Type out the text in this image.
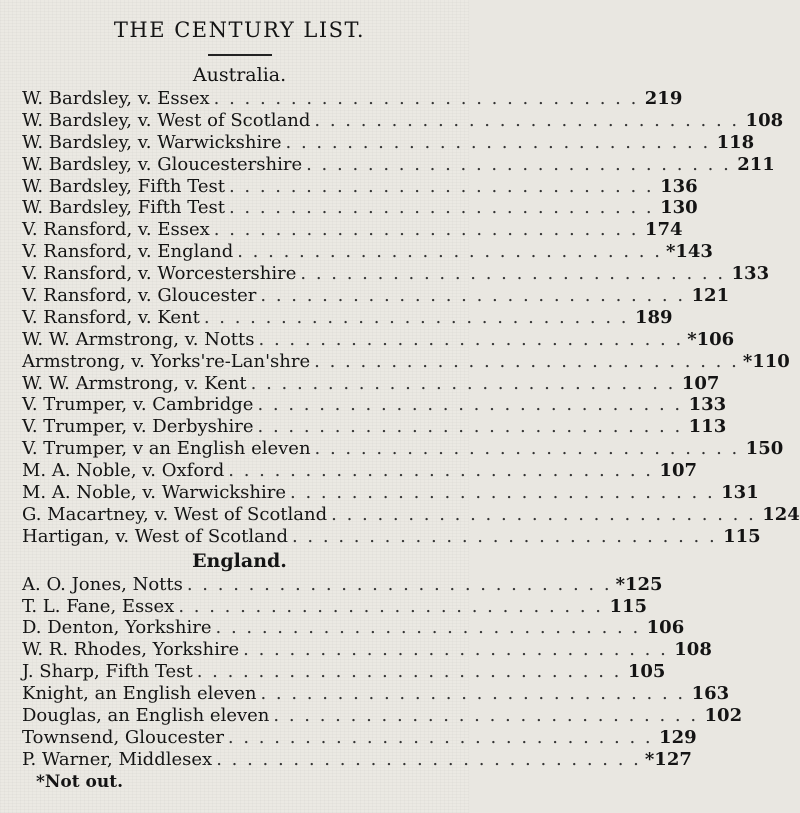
THE CENTURY LIST.
Australia.
W. Bardsley, v. Essex . . .	219
W. Bardsley, v. West of Scotland . . .	108
W. Bardsley, v. Warwickshire . . .	118
W. Bardsley, v. Gloucestershire . . .	211
W. Bardsley, Fifth Test . . .	136
W. Bardsley, Fifth Test . . .	130
V. Ransford, v. Essex . . .	174
V. Ransford, v. England . . .	*143
V. Ransford, v. Worcestershire . . .	133
V. Ransford, v. Gloucester . . .	121
V. Ransford, v. Kent . . .	189
W. W. Armstrong, v. Notts . . .	*106
Armstrong, v. Yorks're-Lan'shre . . .	*110
W. W. Armstrong, v. Kent . . .	107
V. Trumper, v. Cambridge . . .	133
V. Trumper, v. Derbyshire . . .	113
V. Trumper, v an English eleven . . .	150
M. A. Noble, v. Oxford . . .	107
M. A. Noble, v. Warwickshire . . .	131
G. Macartney, v. West of Scotland . . .	124
Hartigan, v. West of Scotland . . .	115
England.
A. O. Jones, Notts . . .	*125
T. L. Fane, Essex . . .	115
D. Denton, Yorkshire . . .	106
W. R. Rhodes, Yorkshire . . .	108
J. Sharp, Fifth Test . . .	105
Knight, an English eleven . . .	163
Douglas, an English eleven . . .	102
Townsend, Gloucester . . .	129
P. Warner, Middlesex . . .	*127
*Not out.
